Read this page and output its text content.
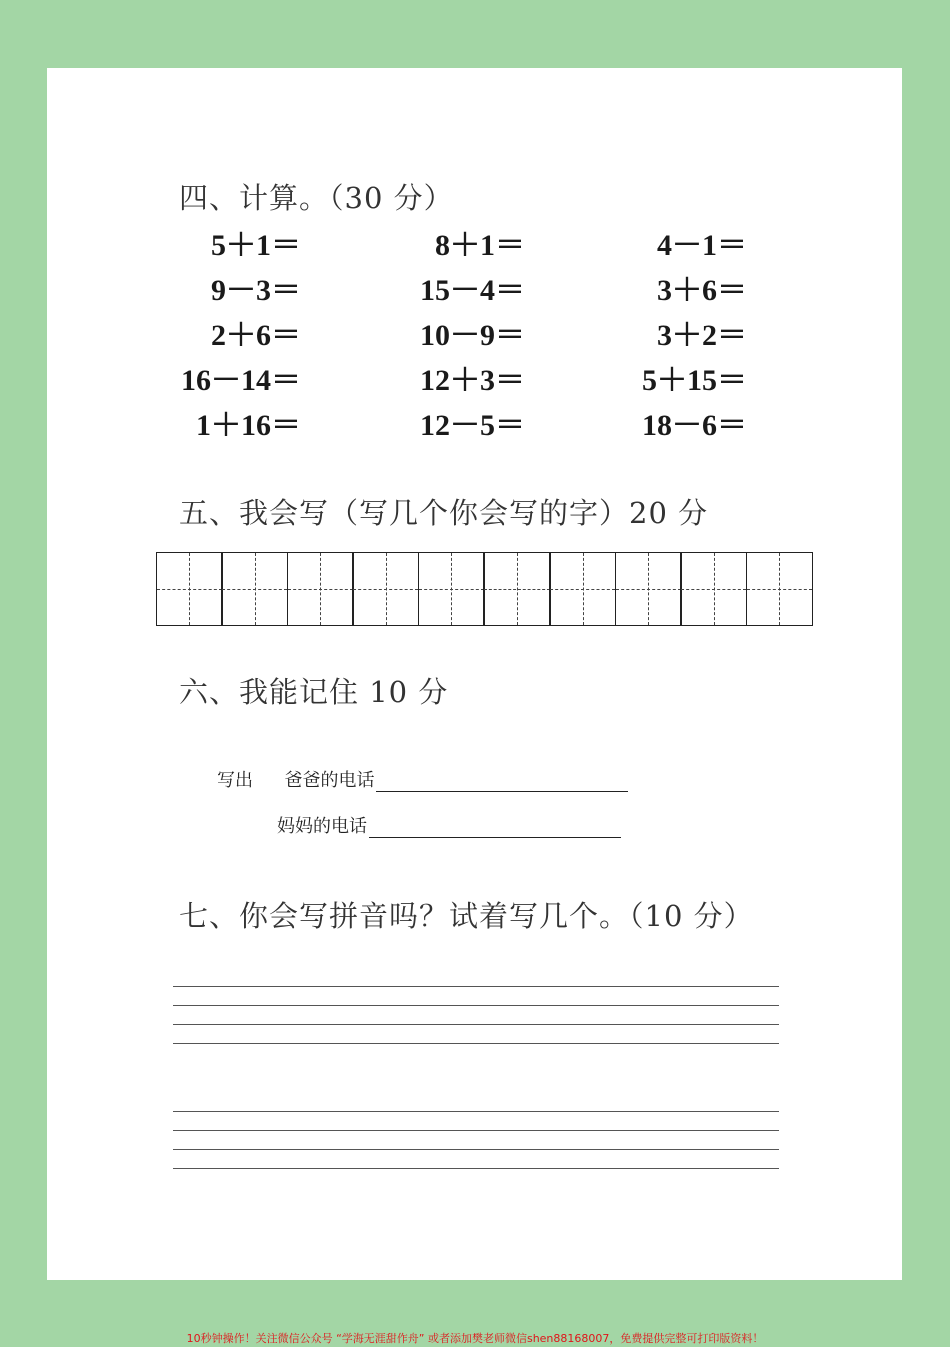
四、计算。（30 分）
5＋1＝	8＋1＝	4－1＝
9－3＝	15－4＝	3＋6＝
2＋6＝	10－9＝	3＋2＝
16－14＝	12＋3＝	5＋15＝
1＋16＝	12－5＝	18－6＝
五、我会写（写几个你会写的字）20 分
六、我能记住 10 分
写出 爸爸的电话
妈妈的电话
七、你会写拼音吗？试着写几个。（10 分）
10秒钟操作！关注微信公众号 “学海无涯甜作舟” 或者添加樊老师微信shen88168007，免费提供完整可打印版资料！
